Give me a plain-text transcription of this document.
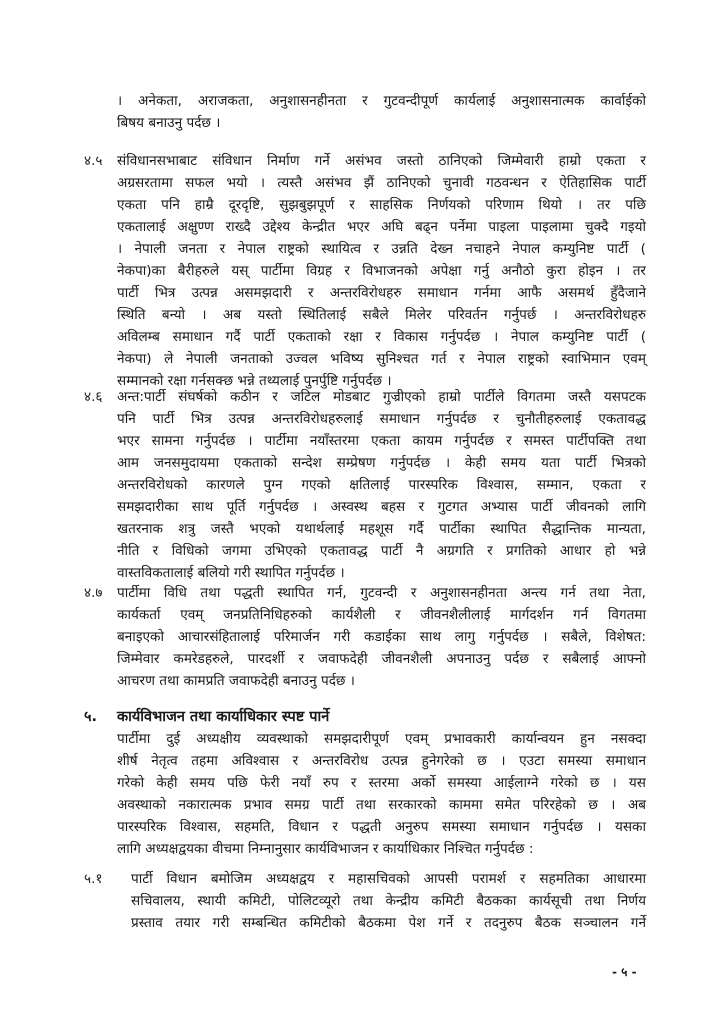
। अनेकता, अराजकता, अनुशासनहीनता र गुटवन्दीपूर्ण कार्यलाई अनुशासनात्मक कार्वाईको
बिषय बनाउनु पर्दछ ।
४.५ संविधानसभाबाट संविधान निर्माण गर्ने असंभव जस्तो ठानिएको जिम्मेवारी हाम्रो एकता र
अग्रसरतामा सफल भयो । त्यस्तै असंभव झैं ठानिएको चुनावी गठवन्धन र ऐतिहासिक पार्टी
एकता पनि हाम्रै दूरदृष्टि, सुझबुझपूर्ण र साहसिक निर्णयको परिणाम थियो । तर पछि
एकतालाई अक्षुण्ण राख्दै उद्देश्य केन्द्रीत भएर अघि बढ्न पर्नेमा पाइला पाइलामा चुक्दै गइयो
। नेपाली जनता र नेपाल राष्ट्रको स्थायित्व र उन्नति देख्न नचाहने नेपाल कम्युनिष्ट पार्टी (
नेकपा)का बैरीहरुले यस् पार्टीमा विग्रह र विभाजनको अपेक्षा गर्नु अनौठो कुरा होइन । तर
पार्टी भित्र उत्पन्न असमझदारी र अन्तरविरोधहरु समाधान गर्नमा आफै असमर्थ हुँदैजाने
स्थिति बन्यो । अब यस्तो स्थितिलाई सबैले मिलेर परिवर्तन गर्नुपर्छ । अन्तरविरोधहरु
अविलम्ब समाधान गर्दै पार्टी एकताको रक्षा र विकास गर्नुपर्दछ । नेपाल कम्युनिष्ट पार्टी (
नेकपा) ले नेपाली जनताको उज्वल भविष्य सुनिश्चत गर्त र नेपाल राष्ट्रको स्वाभिमान एवम्
सम्मानको रक्षा गर्नसक्छ भन्ने तथ्यलाई पुनर्पुष्टि गर्नुपर्दछ ।
४.६ अन्त:पार्टी संघर्षको कठीन र जटिल मोडबाट गुज्रीएको हाम्रो पार्टीले विगतमा जस्तै यसपटक
पनि पार्टी भित्र उत्पन्न अन्तरविरोधहरुलाई समाधान गर्नुपर्दछ र चुनौतीहरुलाई एकतावद्ध
भएर सामना गर्नुपर्दछ । पार्टीमा नयाँस्तरमा एकता कायम गर्नुपर्दछ र समस्त पार्टीपक्ति तथा
आम जनसमुदायमा एकताको सन्देश सम्प्रेषण गर्नुपर्दछ । केही समय यता पार्टी भित्रको
अन्तरविरोधको कारणले पुग्न गएको क्षतिलाई पारस्परिक विश्वास, सम्मान, एकता र
समझदारीका साथ पूर्ति गर्नुपर्दछ । अस्वस्थ बहस र गुटगत अभ्यास पार्टी जीवनको लागि
खतरनाक शत्रु जस्तै भएको यथार्थलाई महशूस गर्दै पार्टीका स्थापित सैद्धान्तिक मान्यता,
नीति र विधिको जगमा उभिएको एकतावद्ध पार्टी नै अग्रगति र प्रगतिको आधार हो भन्ने
वास्तविकतालाई बलियो गरी स्थापित गर्नुपर्दछ ।
४.७ पार्टीमा विधि तथा पद्धती स्थापित गर्न, गुटवन्दी र अनुशासनहीनता अन्त्य गर्न तथा नेता,
कार्यकर्ता एवम् जनप्रतिनिधिहरुको कार्यशैली र जीवनशैलीलाई मार्गदर्शन गर्न विगतमा
बनाइएको आचारसंहितालाई परिमार्जन गरी कडाईका साथ लागु गर्नुपर्दछ । सबैले, विशेषत:
जिम्मेवार कमरेडहरुले, पारदर्शी र जवाफदेही जीवनशैली अपनाउनु पर्दछ र सबैलाई आफ्नो
आचरण तथा कामप्रति जवाफदेही बनाउनु पर्दछ ।
५. कार्यविभाजन तथा कार्याधिकार स्पष्ट पार्ने
पार्टीमा दुई अध्यक्षीय व्यवस्थाको समझदारीपूर्ण एवम् प्रभावकारी कार्यान्वयन हुन नसक्दा
शीर्ष नेतृत्व तहमा अविश्वास र अन्तरविरोध उत्पन्न हुनेगरेको छ । एउटा समस्या समाधान
गरेको केही समय पछि फेरी नयाँ रुप र स्तरमा अर्को समस्या आईलाग्ने गरेको छ । यस
अवस्थाको नकारात्मक प्रभाव समग्र पार्टी तथा सरकारको काममा समेत परिरहेको छ । अब
पारस्परिक विश्वास, सहमति, विधान र पद्धती अनुरुप समस्या समाधान गर्नुपर्दछ । यसका
लागि अध्यक्षद्वयका वीचमा निम्नानुसार कार्यविभाजन र कार्याधिकार निश्चित गर्नुपर्दछ :
५.१ पार्टी विधान बमोजिम अध्यक्षद्वय र महासचिवको आपसी परामर्श र सहमतिका आधारमा
सचिवालय, स्थायी कमिटी, पोलिटव्यूरो तथा केन्द्रीय कमिटी बैठकका कार्यसूची तथा निर्णय
प्रस्ताव तयार गरी सम्बन्धित कमिटीको बैठकमा पेश गर्ने र तदनुरुप बैठक सञ्चालन गर्ने
- ५ -
